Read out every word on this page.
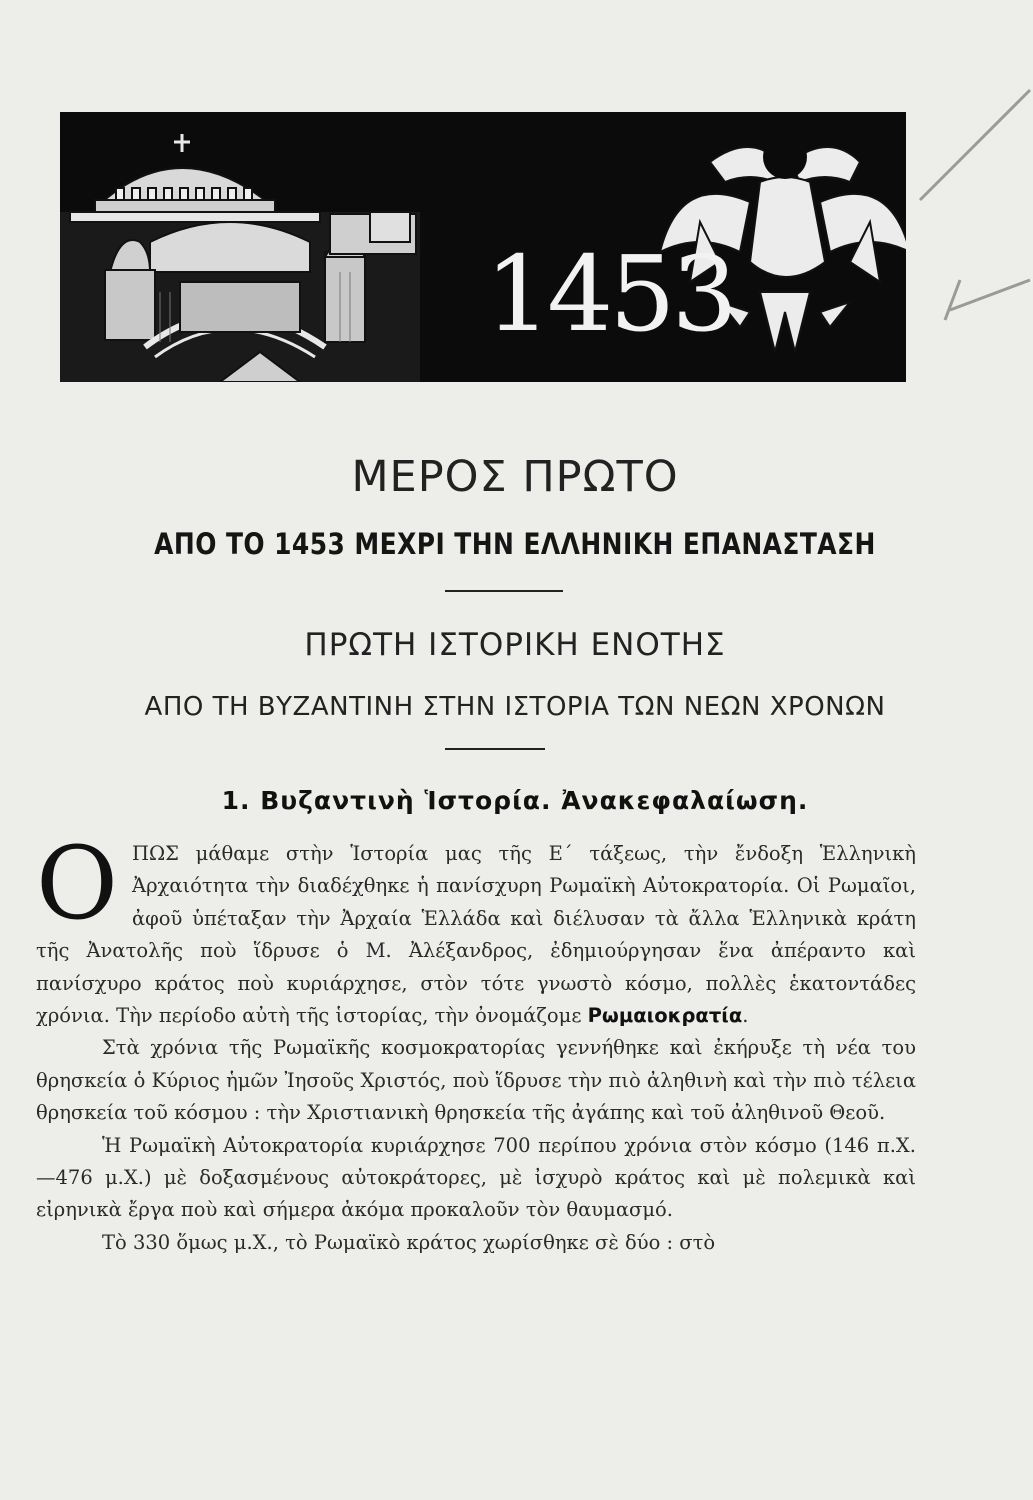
1453
ΜΕΡΟΣ ΠΡΩΤΟ
ΑΠΟ ΤΟ 1453 ΜΕΧΡΙ ΤΗΝ ΕΛΛΗΝΙΚΗ ΕΠΑΝΑΣΤΑΣΗ
ΠΡΩΤΗ ΙΣΤΟΡΙΚΗ ΕΝΟΤΗΣ
ΑΠΟ ΤΗ ΒΥΖΑΝΤΙΝΗ ΣΤΗΝ ΙΣΤΟΡΙΑ ΤΩΝ ΝΕΩΝ ΧΡΟΝΩΝ
1. Βυζαντινὴ Ἱστορία. Ἀνακεφαλαίωση.

ΟΠΩΣ μάθαμε στὴν Ἱστορία μας τῆς Ε΄ τάξεως, τὴν ἔνδοξη Ἑλληνικὴ Ἀρχαιότητα τὴν διαδέχθηκε ἡ πανίσχυρη Ρωμαϊκὴ Αὐτοκρατορία. Οἱ Ρωμαῖοι, ἀφοῦ ὑπέταξαν τὴν Ἀρχαία Ἑλλάδα καὶ διέλυσαν τὰ ἄλλα Ἑλληνικὰ κράτη τῆς Ἀνατολῆς ποὺ ἵδρυσε ὁ Μ. Ἀλέξανδρος, ἐδημιούργησαν ἕνα ἀπέραντο καὶ πανίσχυρο κράτος ποὺ κυριάρχησε, στὸν τότε γνωστὸ κόσμο, πολλὲς ἑκατοντάδες χρόνια. Τὴν περίοδο αὐτὴ τῆς ἱστορίας, τὴν ὀνομάζομε Ρωμαιοκρατία.

Στὰ χρόνια τῆς Ρωμαϊκῆς κοσμοκρατορίας γεννήθηκε καὶ ἐκήρυξε τὴ νέα του θρησκεία ὁ Κύριος ἡμῶν Ἰησοῦς Χριστός, ποὺ ἵδρυσε τὴν πιὸ ἀληθινὴ καὶ τὴν πιὸ τέλεια θρησκεία τοῦ κόσμου : τὴν Χριστιανικὴ θρησκεία τῆς ἀγάπης καὶ τοῦ ἀληθινοῦ Θεοῦ.

Ἡ Ρωμαϊκὴ Αὐτοκρατορία κυριάρχησε 700 περίπου χρόνια στὸν κόσμο (146 π.Χ.—476 μ.Χ.) μὲ δοξασμένους αὐτοκράτορες, μὲ ἰσχυρὸ κράτος καὶ μὲ πολεμικὰ καὶ εἰρηνικὰ ἔργα ποὺ καὶ σήμερα ἀκόμα προκαλοῦν τὸν θαυμασμό.

Τὸ 330 ὅμως μ.Χ., τὸ Ρωμαϊκὸ κράτος χωρίσθηκε σὲ δύο : στὸ
